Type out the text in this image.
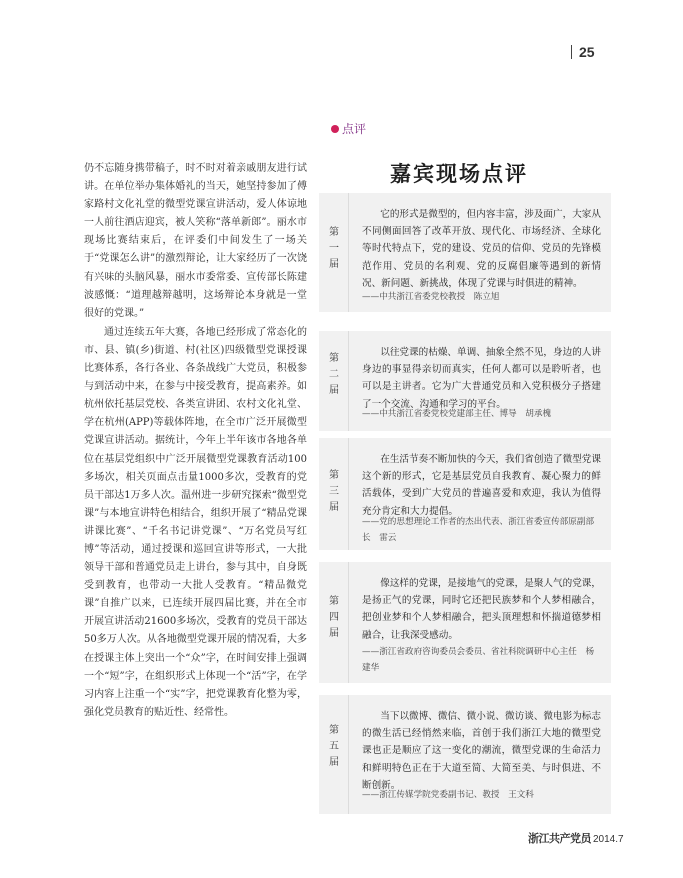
25
点评

仍不忘随身携带稿子，时不时对着亲戚朋友进行试讲。在单位举办集体婚礼的当天，她坚持参加了傅家路村文化礼堂的微型党课宣讲活动，爱人体谅地一人前往酒店迎宾，被人笑称“落单新郎”。丽水市现场比赛结束后，在评委们中间发生了一场关于“党课怎么讲”的激烈辩论，让大家经历了一次饶有兴味的头脑风暴，丽水市委常委、宣传部长陈建波感慨：“道理越辩越明，这场辩论本身就是一堂很好的党课。”

通过连续五年大赛，各地已经形成了常态化的市、县、镇(乡)街道、村(社区)四级微型党课授课比赛体系，各行各业、各条战线广大党员，积极参与到活动中来，在参与中接受教育，提高素养。如杭州依托基层党校、各类宣讲团、农村文化礼堂、学在杭州(APP)等载体阵地，在全市广泛开展微型党课宣讲活动。据统计，今年上半年该市各地各单位在基层党组织中广泛开展微型党课教育活动100多场次，相关页面点击量1000多次，受教育的党员干部达1万多人次。温州进一步研究探索“微型党课”与本地宣讲特色相结合，组织开展了“精品党课讲课比赛”、“千名书记讲党课”、“万名党员写红博”等活动，通过授课和巡回宣讲等形式，一大批领导干部和普通党员走上讲台，参与其中，自身既受到教育，也带动一大批人受教育。“精品微党课”自推广以来，已连续开展四届比赛，并在全市开展宣讲活动21600多场次，受教育的党员干部达50多万人次。从各地微型党课开展的情况看，大多在授课主体上突出一个“众”字，在时间安排上强调一个“短”字，在组织形式上体现一个“活”字，在学习内容上注重一个“实”字，把党课教育化整为零，强化党员教育的贴近性、经常性。

嘉宾现场点评
第一届
它的形式是微型的，但内容丰富，涉及面广，大家从不同侧面回答了改革开放、现代化、市场经济、全球化等时代特点下，党的建设、党员的信仰、党员的先锋模范作用、党员的名利观、党的反腐倡廉等遇到的新情况、新问题、新挑战，体现了党课与时俱进的精神。
——中共浙江省委党校教授　陈立旭
第二届
以往党课的枯燥、单调、抽象全然不见，身边的人讲身边的事显得亲切而真实，任何人都可以是聆听者，也可以是主讲者。它为广大普通党员和入党积极分子搭建了一个交流、沟通和学习的平台。
——中共浙江省委党校党建部主任、博导　胡承槐
第三届
在生活节奏不断加快的今天，我们省创造了微型党课这个新的形式，它是基层党员自我教育、凝心聚力的鲜活载体，受到广大党员的普遍喜爱和欢迎，我认为值得充分肯定和大力提倡。
——党的思想理论工作者的杰出代表、浙江省委宣传部原副部长　雷云
第四届
像这样的党课，是接地气的党课，是聚人气的党课，是扬正气的党课，同时它还把民族梦和个人梦相融合，把创业梦和个人梦相融合，把头顶理想和怀揣道德梦相融合，让我深受感动。
——浙江省政府咨询委员会委员、省社科院调研中心主任　杨建华
第五届
当下以微博、微信、微小说、微访谈、微电影为标志的微生活已经悄然来临，首创于我们浙江大地的微型党课也正是顺应了这一变化的潮流，微型党课的生命活力和鲜明特色正在于大道至简、大简至美、与时俱进、不断创新。
——浙江传媒学院党委副书记、教授　王文科
浙江共产党员 2014.7
